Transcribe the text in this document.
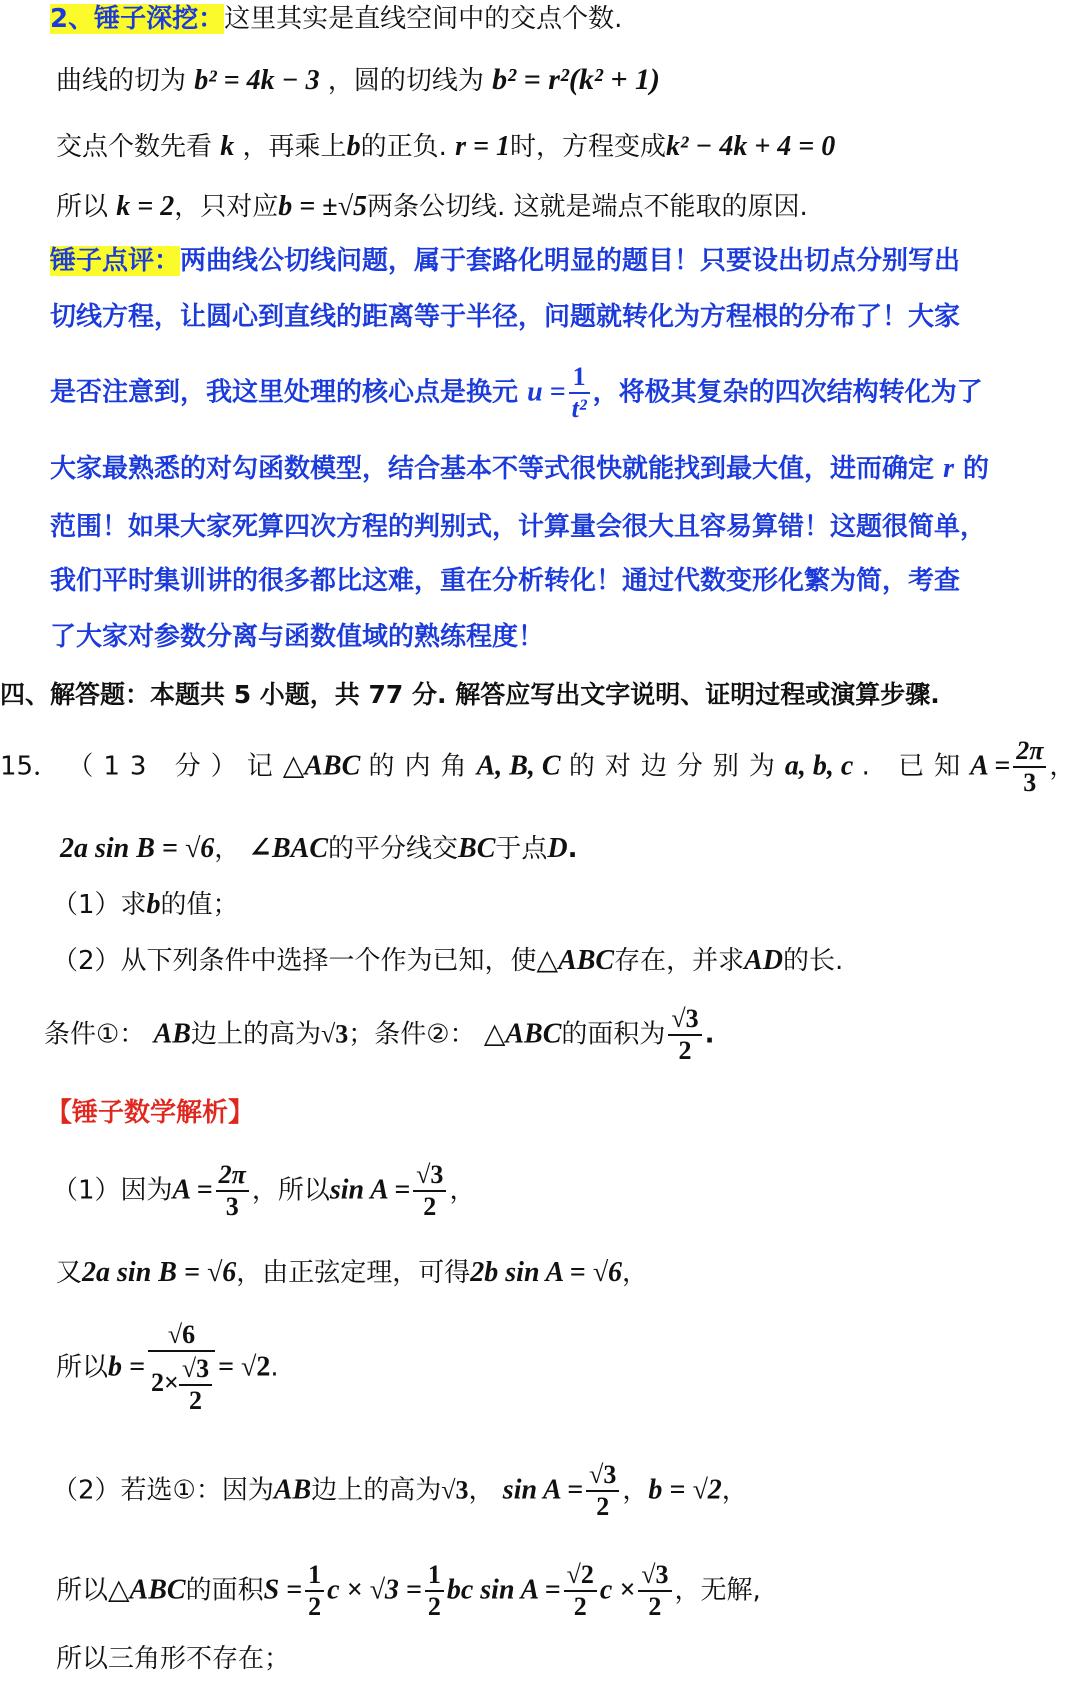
2、锤子深挖：这里其实是直线空间中的交点个数.
曲线的切为 b² = 4k − 3 ，圆的切线为 b² = r²(k² + 1)
交点个数先看 k ，再乘上b的正负. r = 1时，方程变成k² − 4k + 4 = 0
所以 k = 2，只对应b = ±√5两条公切线. 这就是端点不能取的原因.
锤子点评：两曲线公切线问题，属于套路化明显的题目！只要设出切点分别写出
切线方程，让圆心到直线的距离等于半径，问题就转化为方程根的分布了！大家
是否注意到，我这里处理的核心点是换元 $u = \frac{1}{\text{t²}}$ ，将极其复杂的四次结构转化为了
大家最熟悉的对勾函数模型，结合基本不等式很快就能找到最大值，进而确定 r 的
范围！如果大家死算四次方程的判别式，计算量会很大且容易算错！这题很简单，
我们平时集训讲的很多都比这难，重在分析转化！通过代数变形化繁为简，考查
了大家对参数分离与函数值域的熟练程度！
四、解答题：本题共 5 小题，共 77 分. 解答应写出文字说明、证明过程或演算步骤.
15． （13 分）记△ABC 的内角A, B, C 的对边分别为a, b, c . 已知$A = \frac{2\pi}{3}$ ，
2a sin B = √6， ∠BAC的平分线交BC于点D.
（1）求b的值；
（2）从下列条件中选择一个作为已知，使△ABC存在，并求AD的长.
条件①： AB边上的高为√3；条件②： △ABC的面积为 $\frac{√3}{2}$ .
【锤子数学解析】
（1）因为$A = \frac{2\pi}{3}$ ，所以$\sin A = \frac{√3}{2}$ ，
又2a sin B = √6，由正弦定理，可得2b sin A = √6，
所以$b = \frac{√6}{2\times \frac{√3}{2}} = √2$.
（2）若选①：因为AB边上的高为√3， $\sin A = \frac{√3}{2}$ ，b = √2，
所以△ABC的面积$S = \frac{1}{2}$ $c \times √3 = \frac{1}{2}$ bc $\sin A = \frac{√2}{2}$ $c \times \frac{√3}{2}$ ，无解,
所以三角形不存在；
